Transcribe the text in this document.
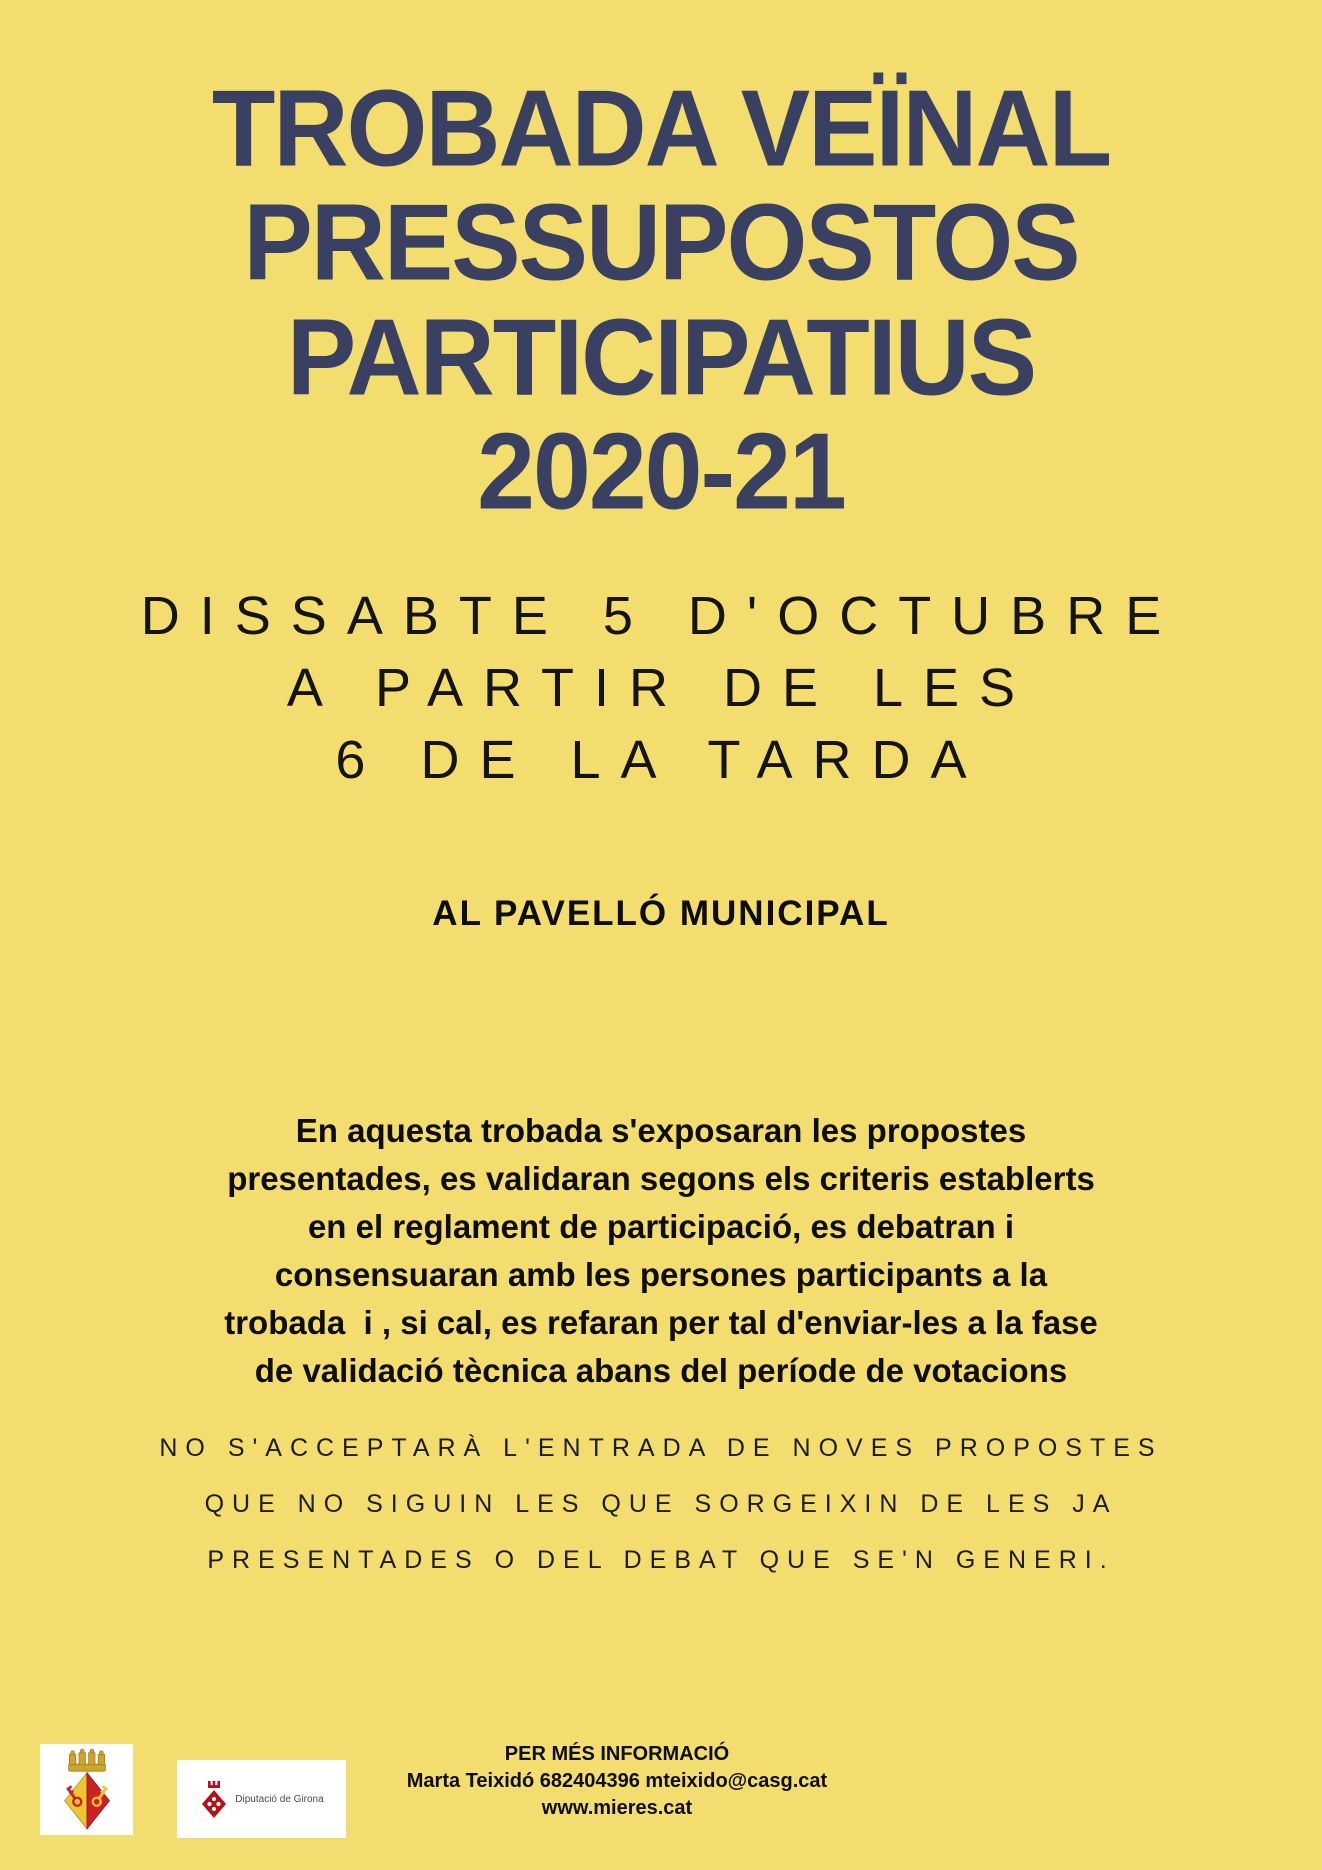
TROBADA VEÏNAL
PRESSUPOSTOS
PARTICIPATIUS
2020-21
DISSABTE 5 D'OCTUBRE
A PARTIR DE LES
6 DE LA TARDA
AL PAVELLÓ MUNICIPAL
En aquesta trobada s'exposaran les propostes
presentades, es validaran segons els criteris establerts
en el reglament de participació, es debatran i
consensuaran amb les persones participants a la
trobada  i , si cal, es refaran per tal d'enviar-les a la fase
de validació tècnica abans del període de votacions
NO S'ACCEPTARÀ L'ENTRADA DE NOVES PROPOSTES
QUE NO SIGUIN LES QUE SORGEIXIN DE LES JA
PRESENTADES O DEL DEBAT QUE SE'N GENERI.
Diputació de Girona
PER MÉS INFORMACIÓ
Marta Teixidó 682404396 mteixido@casg.cat
www.mieres.cat
